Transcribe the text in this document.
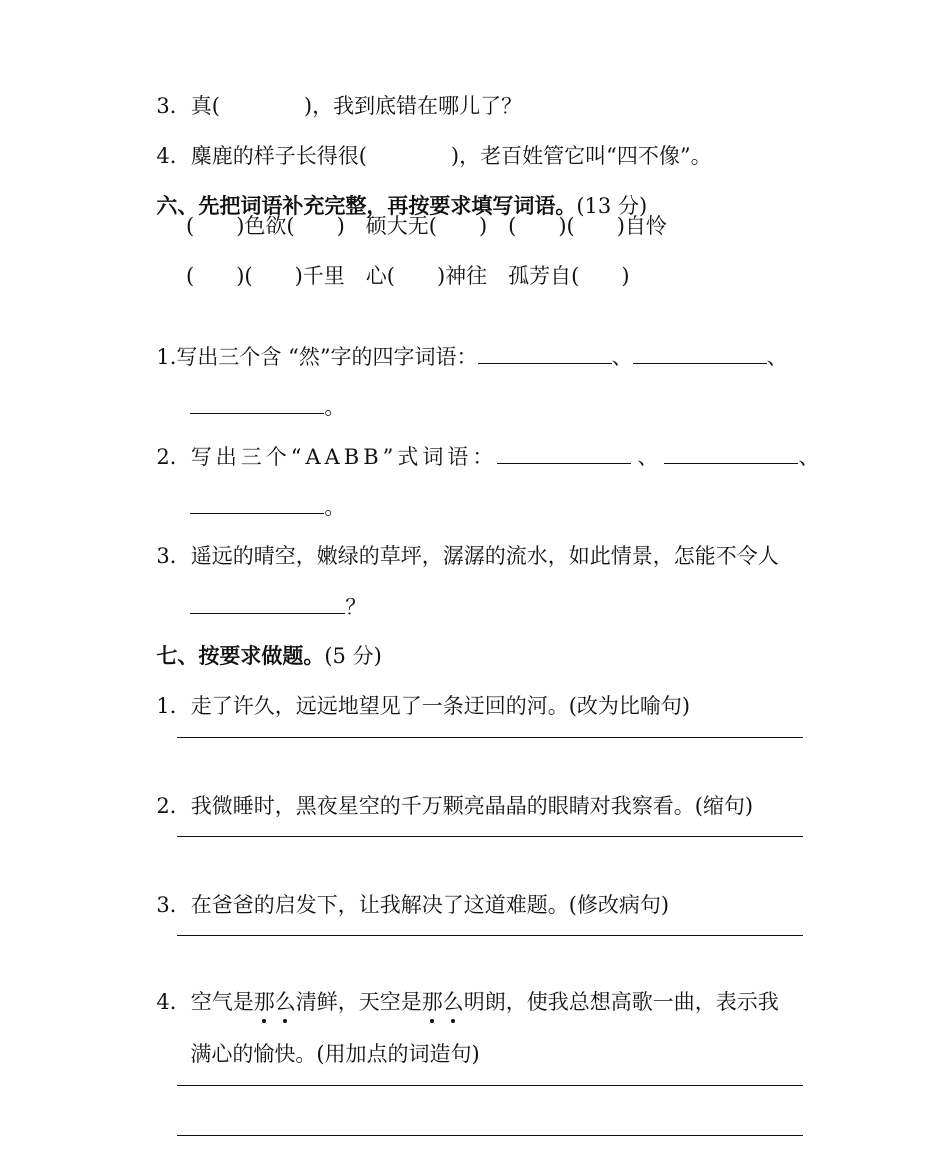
3．真(　　　　)，我到底错在哪儿了？

4．麋鹿的样子长得很(　　　　)，老百姓管它叫“四不像”。

六、先把词语补充完整，再按要求填写词语。(13 分)

(　　)色欲(　　)　硕大无(　　)　(　　)(　　)自怜
(　　)(　　)千里　心(　　)神往　孤芳自(　　)

1.写出三个含 “然”字的四字词语：	、	、

。

2．写出三个“AABB”式词语：	、	、

。

3．遥远的晴空，嫩绿的草坪，潺潺的流水，如此情景，怎能不令人

？

七、按要求做题。(5 分)

1．走了许久，远远地望见了一条迂回的河。(改为比喻句)

2．我微睡时，黑夜星空的千万颗亮晶晶的眼睛对我察看。(缩句)

3．在爸爸的启发下，让我解决了这道难题。(修改病句)

4．空气是那么清鲜，天空是那么明朗，使我总想高歌一曲，表示我

满心的愉快。(用加点的词造句)
